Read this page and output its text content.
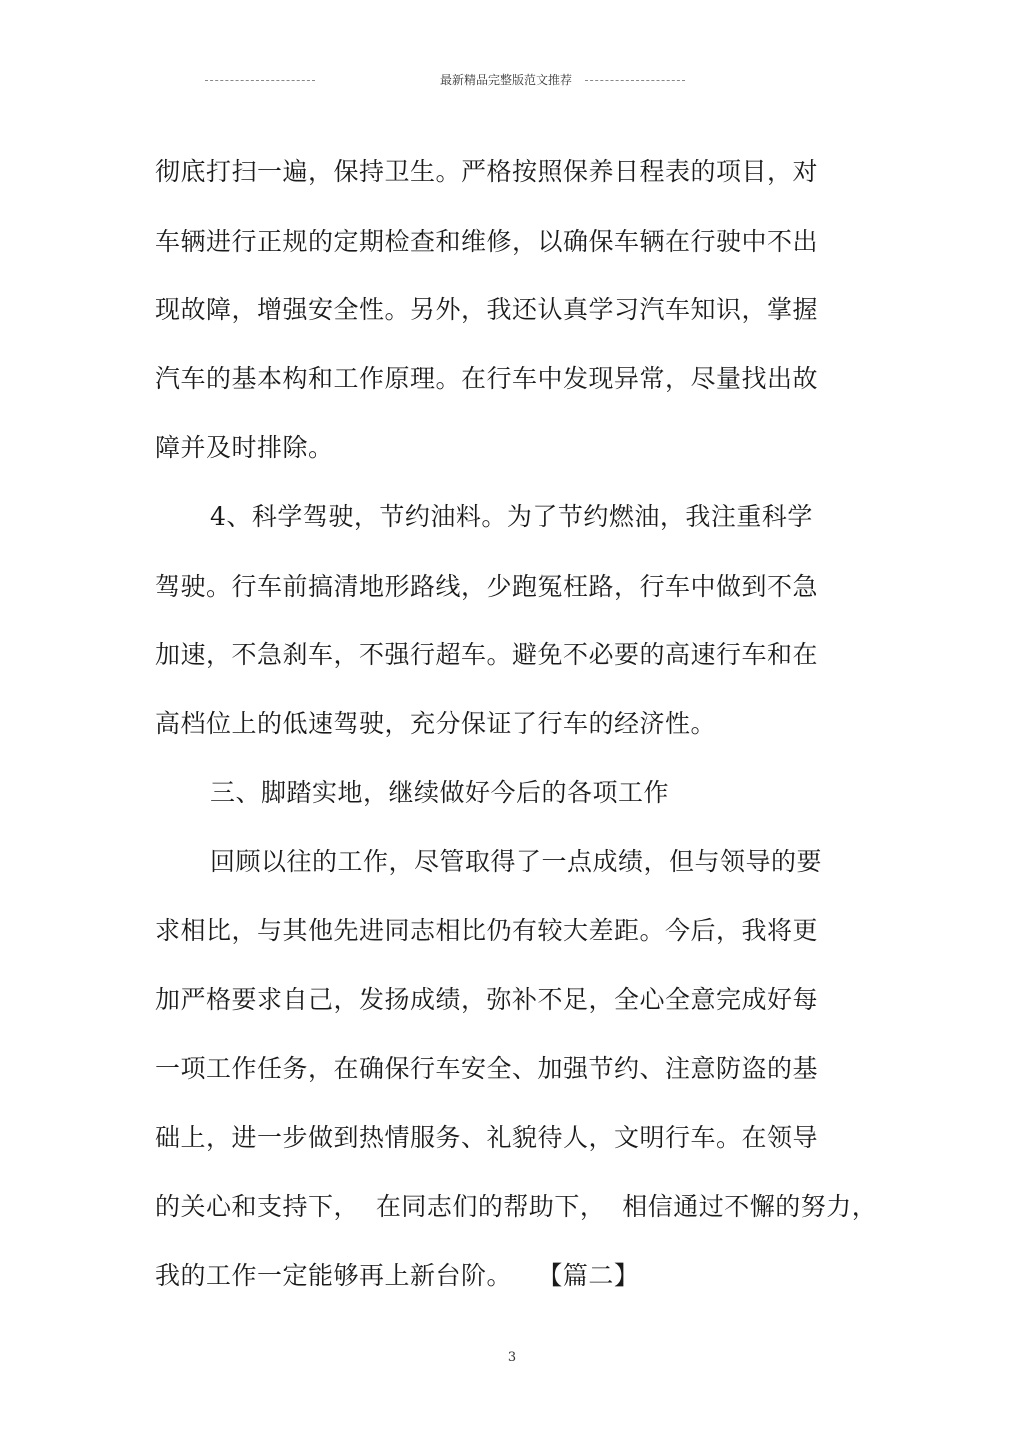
最新精品完整版范文推荐
彻底打扫一遍，保持卫生。严格按照保养日程表的项目，对
车辆进行正规的定期检查和维修，以确保车辆在行驶中不出
现故障，增强安全性。另外，我还认真学习汽车知识，掌握
汽车的基本构和工作原理。在行车中发现异常，尽量找出故
障并及时排除。
4、科学驾驶，节约油料。为了节约燃油，我注重科学
驾驶。行车前搞清地形路线，少跑冤枉路，行车中做到不急
加速，不急刹车，不强行超车。避免不必要的高速行车和在
高档位上的低速驾驶，充分保证了行车的经济性。
三、脚踏实地，继续做好今后的各项工作
回顾以往的工作，尽管取得了一点成绩，但与领导的要
求相比，与其他先进同志相比仍有较大差距。今后，我将更
加严格要求自己，发扬成绩，弥补不足，全心全意完成好每
一项工作任务，在确保行车安全、加强节约、注意防盗的基
础上，进一步做到热情服务、礼貌待人，文明行车。在领导
的关心和支持下，  在同志们的帮助下，  相信通过不懈的努力，
我的工作一定能够再上新台阶。   【篇二】
3
